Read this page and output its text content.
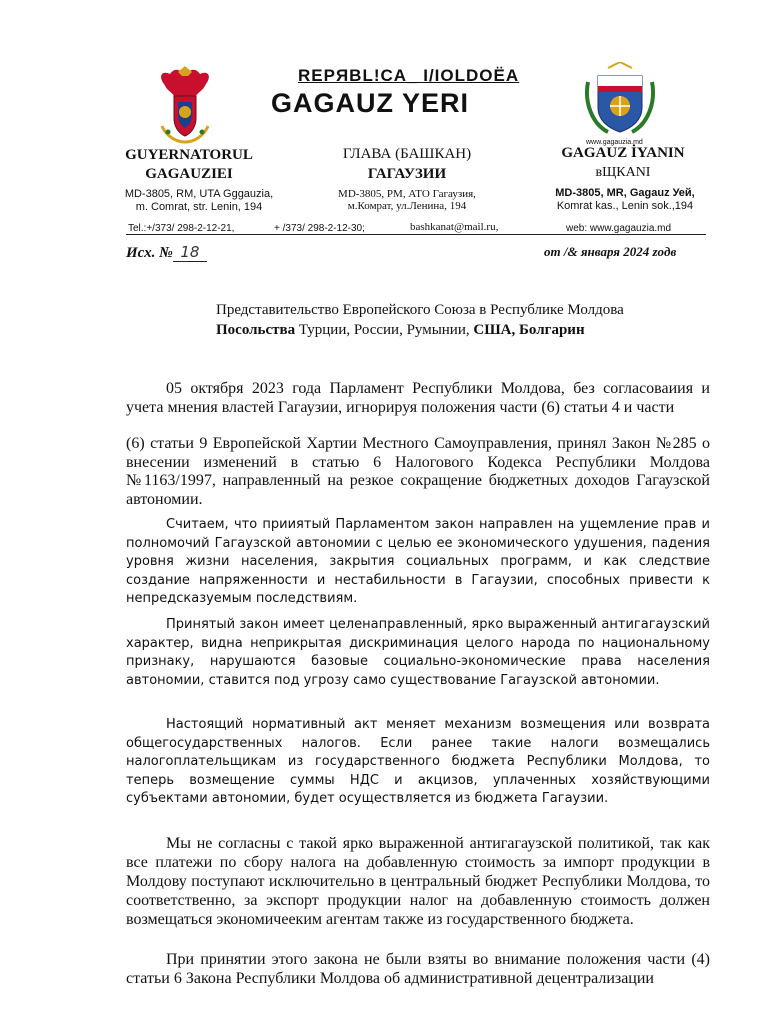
REPЯBL!CA_ I/IOLDOЁA
GAGAUZ YERI
www.gagauzia.md
GUYERNATORUL
GAGAUZIEI
MD-3805, RM, UTA Gggauzia,
m. Comrat, str. Lenin, 194
ГЛАВА (БАШКАН)
ГАГАУЗИИ
MD-3805, РМ, АТО Гагаузия,
м.Комрат, ул.Ленина, 194
GAGAUZ İYANIN
вЩКANI
MD-3805, MR, Gagauz Уей,
Komrat kas., Lenin sok.,194
Tel.:+/373/ 298-2-12-21,	+ /373/ 298-2-12-30;	bashkanat@mail.ru,	web: www.gagauzia.md
Исх. № 18	от /& января 2024 zoдв
Представительство Европейского Союза в Республике Молдова
Посольства Турции, России, Румынии, США, Болгарин
05 октября 2023 года Парламент Республики Молдова, без согласоваиия и учета мнения властей Гагаузии, игнорируя положения части (6) статьи 4 и части
(6) статьи 9 Европейской Хартии Местного Самоуправления, принял Закон №285 о внесении изменений в статью 6 Налогового Кодекса Республики Молдова №1163/1997, направленный на резкое сокращение бюджетных доходов Гагаузской автономии.
Считаем, что прииятый Парламентом закон направлен на ущемление прав и полномочий Гагаузской автономии с целью ее экономического удушения, падения уровня жизни населения, закрытия социальных программ, и как следствие создание напряженности и нестабильности в Гагаузии, способных привести к непредсказуемым последствиям.
Принятый закон имеет целенаправленный, ярко выраженный антигагаузский характер, видна неприкрытая дискриминация целого народа по национальному признаку, нарушаются базовые социально-экономические права населения автономии, ставится под угрозу само существование Гагаузской автономии.
Настоящий нормативный акт меняет механизм возмещения или возврата общегосударственных налогов. Если ранее такие налоги возмещались налогоплательщикам из государственного бюджета Республики Молдова, то теперь возмещение суммы НДС и акцизов, уплаченныx хозяйствующими субъектами автономии, будет осуществляется из бюджета Гагаузии.
Мы не согласны с такой ярко выраженной антигагаузской политикой, так как все платежи по сбору налога на добавленную стоимость за импорт продукции в Молдову поступают исключительно в центральный бюджет Республики Молдова, то соответственно, за экспорт продукции налог на добавленную стоимость должен возмещаться экономичееким агентам также из государственного бюджета.
При принятии этого закона не были взяты во внимание положения части (4) статьи 6 Закона Республики Молдова об административной децентрализации
